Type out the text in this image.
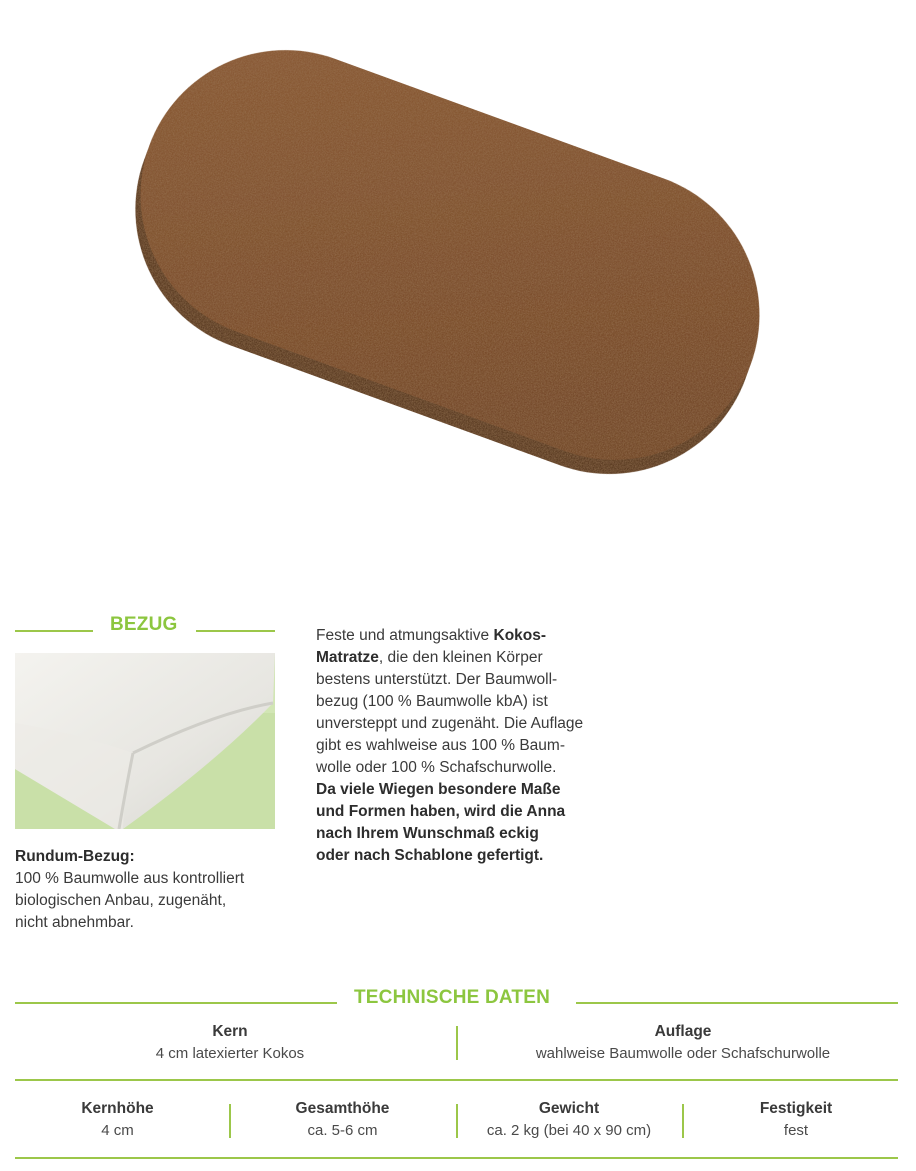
BEZUG
Rundum-Bezug:
100 % Baumwolle aus kontrolliert
biologischen Anbau, zugenäht,
nicht abnehmbar.
Feste und atmungsaktive Kokos-
Matratze, die den kleinen Körper
bestens unterstützt. Der Baumwoll-
bezug (100 % Baumwolle kbA) ist
unversteppt und zugenäht. Die Auflage
gibt es wahlweise aus 100 % Baum-
wolle oder 100 % Schafschurwolle.
Da viele Wiegen besondere Maße
und Formen haben, wird die Anna
nach Ihrem Wunschmaß eckig
oder nach Schablone gefertigt.
TECHNISCHE DATEN
Kern
4 cm latexierter Kokos
Auflage
wahlweise Baumwolle oder Schafschurwolle
Kernhöhe
4 cm
Gesamthöhe
ca. 5-6 cm
Gewicht
ca. 2 kg (bei 40 x 90 cm)
Festigkeit
fest
